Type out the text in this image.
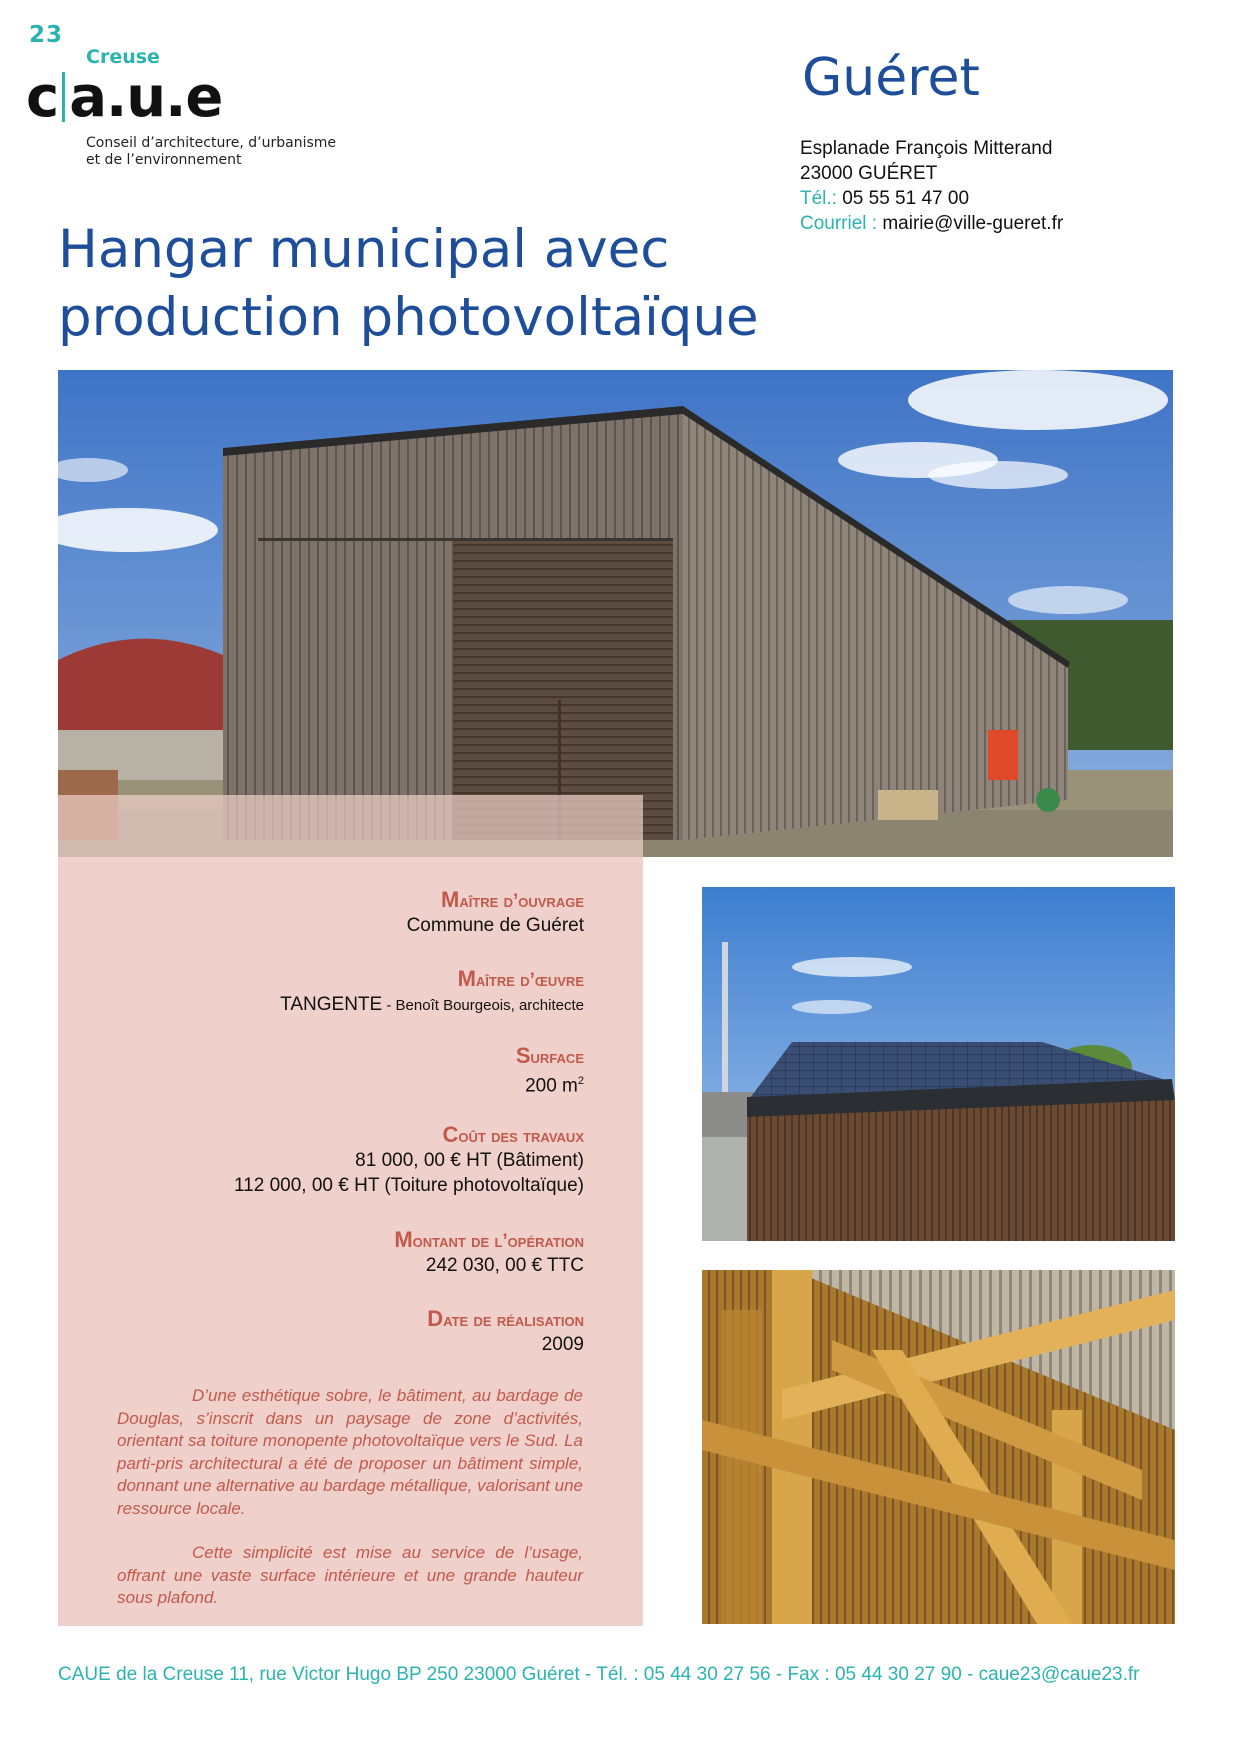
23
Creuse
c a.u.e
Conseil d’architecture, d’urbanisme
et de l’environnement
Guéret
Esplanade François Mitterand
23000 GUÉRET
Tél.: 05 55 51 47 00
Courriel : mairie@ville-gueret.fr
Hangar municipal avec
production photovoltaïque
Maître d’ouvrage
Commune de Guéret
Maître d’œuvre
TANGENTE - Benoît Bourgeois, architecte
Surface
200 $m^2$
Coût des travaux
81 000, 00 € HT (Bâtiment)
112 000, 00 € HT (Toiture photovoltaïque)
Montant de l’opération
242 030, 00 € TTC
Date de réalisation
2009

D’une esthétique sobre, le bâtiment, au bardage de Douglas, s’inscrit dans un paysage de zone d’activités, orientant sa toiture monopente photovoltaïque vers le Sud. La parti-pris architectural a été de proposer un bâtiment simple, donnant une alternative au bardage métallique, valorisant une ressource locale.

Cette simplicité est mise au service de l’usage, offrant une vaste surface intérieure et une grande hauteur sous plafond.

CAUE de la Creuse 11, rue Victor Hugo BP 250 23000 Guéret - Tél. : 05 44 30 27 56 - Fax : 05 44 30 27 90 - caue23@caue23.fr
